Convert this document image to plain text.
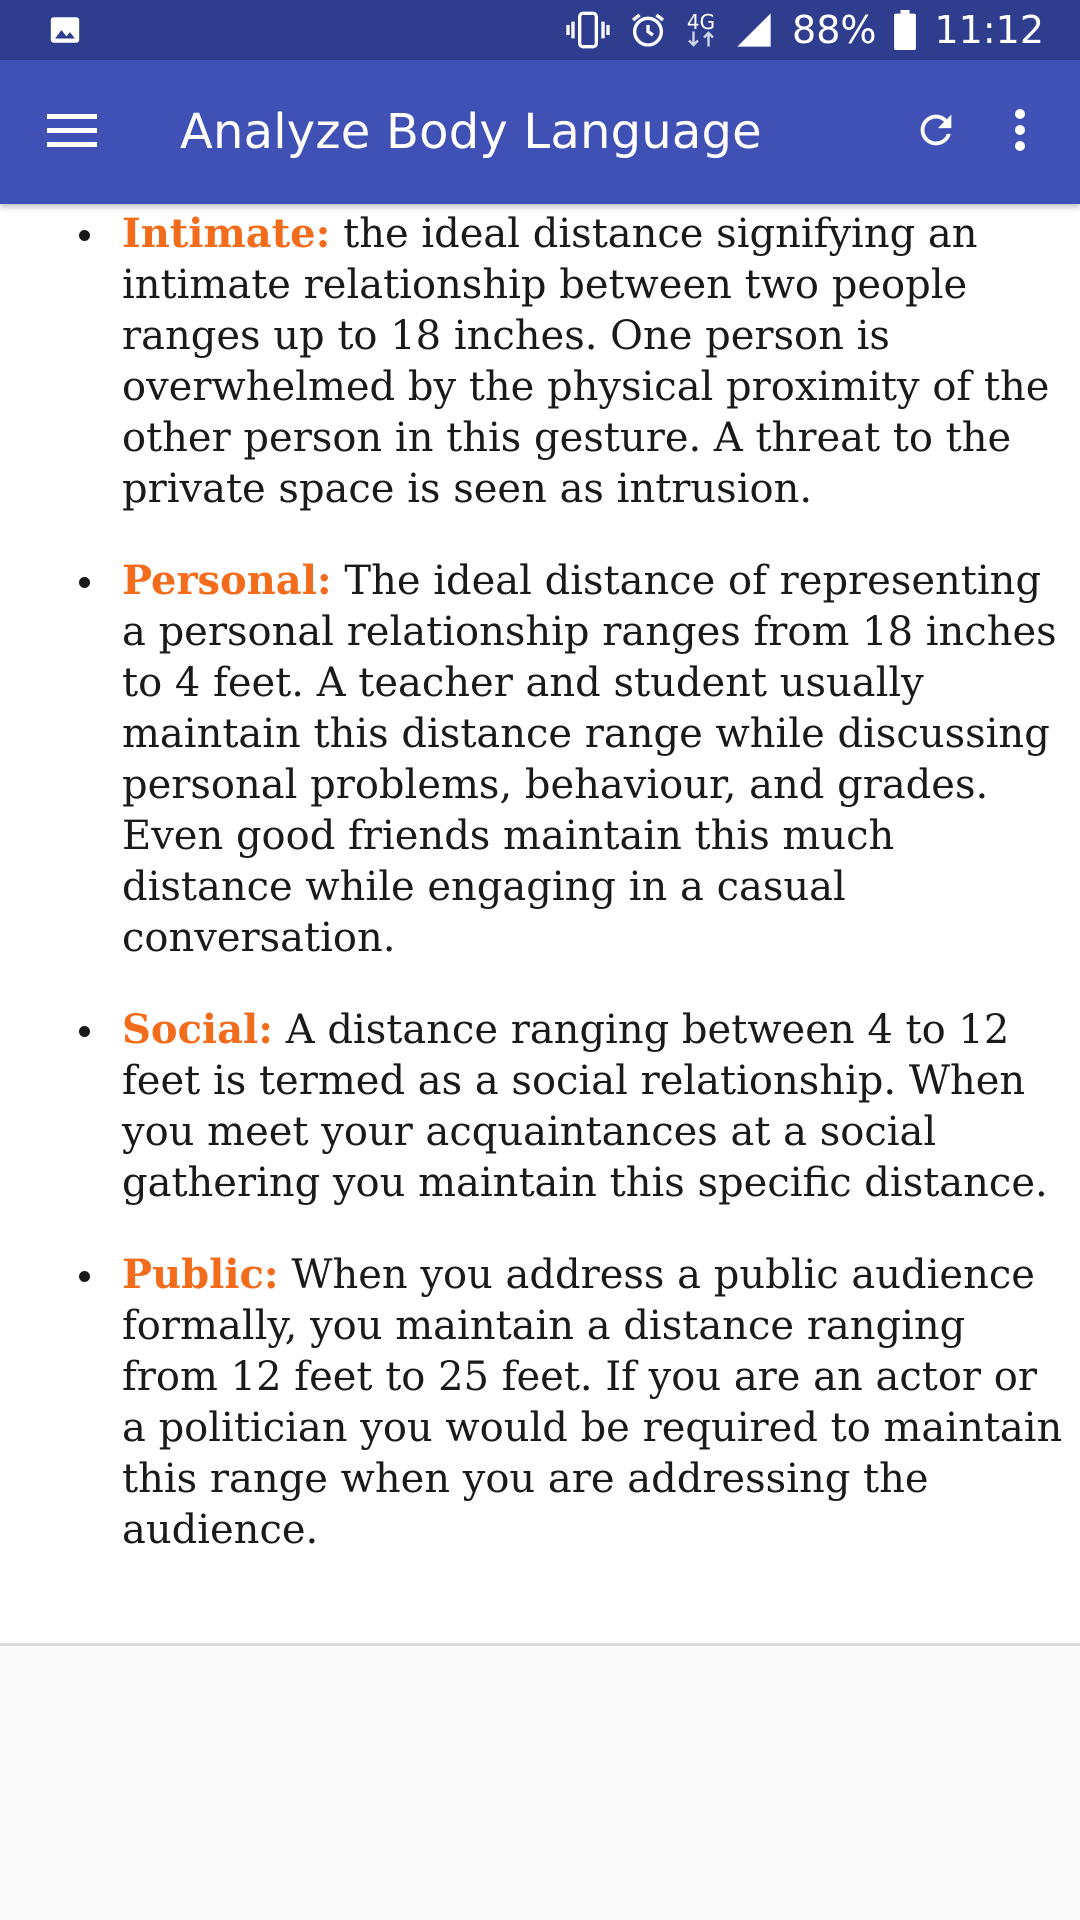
4G 88% 11:12
Analyze Body Language
Intimate: the ideal distance signifying an intimate relationship between two people ranges up to 18 inches. One person is overwhelmed by the physical proximity of the other person in this gesture. A threat to the private space is seen as intrusion.
Personal: The ideal distance of representing a personal relationship ranges from 18 inches to 4 feet. A teacher and student usually maintain this distance range while discussing personal problems, behaviour, and grades. Even good friends maintain this much distance while engaging in a casual conversation.
Social: A distance ranging between 4 to 12 feet is termed as a social relationship. When you meet your acquaintances at a social gathering you maintain this specific distance.
Public: When you address a public audience formally, you maintain a distance ranging from 12 feet to 25 feet. If you are an actor or a politician you would be required to maintain this range when you are addressing the audience.
